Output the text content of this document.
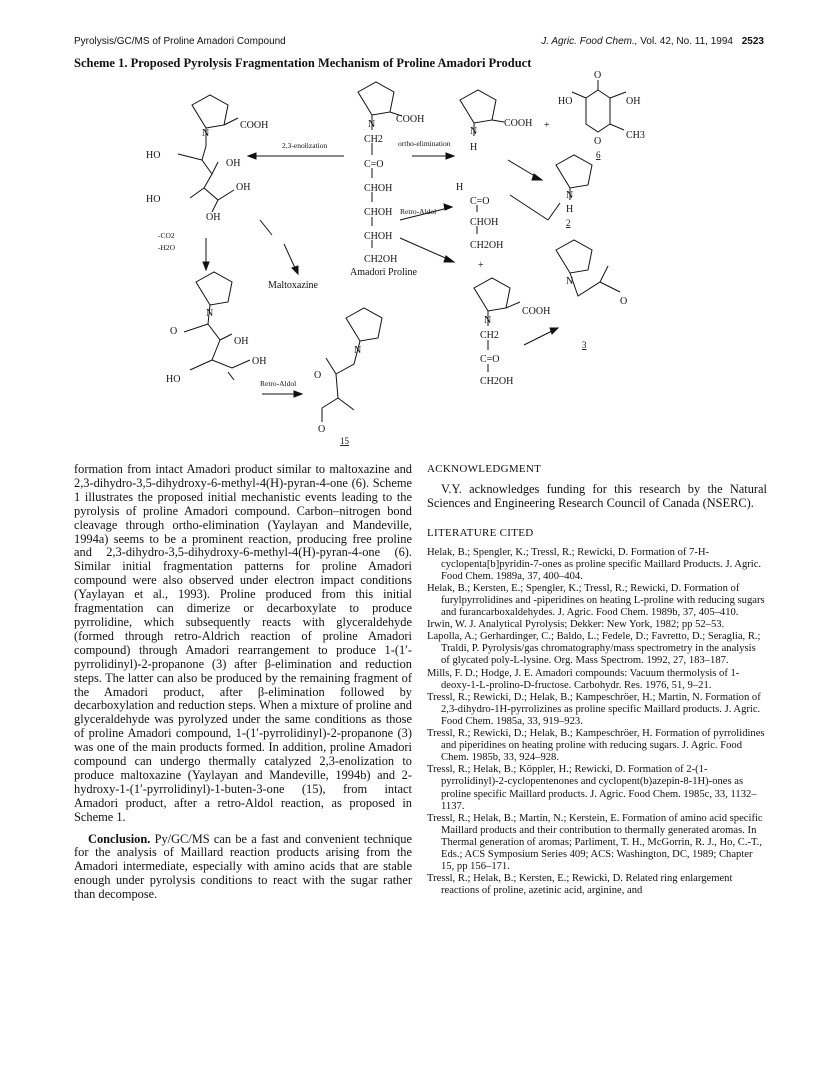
Pyrolysis/GC/MS of Proline Amadori Compound	J. Agric. Food Chem., Vol. 42, No. 11, 1994 2523
Scheme 1. Proposed Pyrolysis Fragmentation Mechanism of Proline Amadori Product
COOH
N
HO
OH
OH
HO
OH
2,3-enolization	ortho-elimination
COOH
N
CH2
C=O
CHOH
CHOH
CHOH
CH2OH
Amadori Proline
Retro-Aldol
COOH
N
H
+
O
HO	OH
O
CH3
6
N
H
2
H
C=O
CHOH
CH2OH
+
N
O
3
COOH
N
CH2
C=O
CH2OH
-CO2
-H2O
Maltoxazine
N
O
OH
OH
HO	Retro-Aldol
N
O
O
15

formation from intact Amadori product similar to maltoxazine and 2,3-dihydro-3,5-dihydroxy-6-methyl-4(H)-pyran-4-one (6). Scheme 1 illustrates the proposed initial mechanistic events leading to the pyrolysis of proline Amadori compound. Carbon–nitrogen bond cleavage through ortho-elimination (Yaylayan and Mandeville, 1994a) seems to be a prominent reaction, producing free proline and 2,3-dihydro-3,5-dihydroxy-6-methyl-4(H)-pyran-4-one (6). Similar initial fragmentation patterns for proline Amadori compound were also observed under electron impact conditions (Yaylayan et al., 1993). Proline produced from this initial fragmentation can dimerize or decarboxylate to produce pyrrolidine, which subsequently reacts with glyceraldehyde (formed through retro-Aldrich reaction of proline Amadori compound) through Amadori rearrangement to produce 1-(1′-pyrrolidinyl)-2-propanone (3) after β-elimination and reduction steps. The latter can also be produced by the remaining fragment of the Amadori product, after β-elimination followed by decarboxylation and reduction steps. When a mixture of proline and glyceraldehyde was pyrolyzed under the same conditions as those of proline Amadori compound, 1-(1′-pyrrolidinyl)-2-propanone (3) was one of the main products formed. In addition, proline Amadori compound can undergo thermally catalyzed 2,3-enolization to produce maltoxazine (Yaylayan and Mandeville, 1994b) and 2-hydroxy-1-(1′-pyrrolidinyl)-1-buten-3-one (15), from intact Amadori product, after a retro-Aldol reaction, as proposed in Scheme 1.

Conclusion. Py/GC/MS can be a fast and convenient technique for the analysis of Maillard reaction products arising from the Amadori intermediate, especially with amino acids that are stable enough under pyrolysis conditions to react with the sugar rather than decompose.

ACKNOWLEDGMENT

V.Y. acknowledges funding for this research by the Natural Sciences and Engineering Research Council of Canada (NSERC).

LITERATURE CITED

Helak, B.; Spengler, K.; Tressl, R.; Rewicki, D. Formation of 7-H-cyclopenta[b]pyridin-7-ones as proline specific Maillard Products. J. Agric. Food Chem. 1989a, 37, 400–404.

Helak, B.; Kersten, E.; Spengler, K.; Tressl, R.; Rewicki, D. Formation of furylpyrrolidines and -piperidines on heating L-proline with reducing sugars and furancarboxaldehydes. J. Agric. Food Chem. 1989b, 37, 405–410.

Irwin, W. J. Analytical Pyrolysis; Dekker: New York, 1982; pp 52–53.

Lapolla, A.; Gerhardinger, C.; Baldo, L.; Fedele, D.; Favretto, D.; Seraglia, R.; Traldi, P. Pyrolysis/gas chromatography/mass spectrometry in the analysis of glycated poly-L-lysine. Org. Mass Spectrom. 1992, 27, 183–187.

Mills, F. D.; Hodge, J. E. Amadori compounds: Vacuum thermolysis of 1-deoxy-1-L-prolino-D-fructose. Carbohydr. Res. 1976, 51, 9–21.

Tressl, R.; Rewicki, D.; Helak, B.; Kampeschröer, H.; Martin, N. Formation of 2,3-dihydro-1H-pyrrolizines as proline specific Maillard products. J. Agric. Food Chem. 1985a, 33, 919–923.

Tressl, R.; Rewicki, D.; Helak, B.; Kampeschröer, H. Formation of pyrrolidines and piperidines on heating proline with reducing sugars. J. Agric. Food Chem. 1985b, 33, 924–928.

Tressl, R.; Helak, B.; Köppler, H.; Rewicki, D. Formation of 2-(1-pyrrolidinyl)-2-cyclopentenones and cyclopent(b)azepin-8-1H)-ones as proline specific Maillard products. J. Agric. Food Chem. 1985c, 33, 1132–1137.

Tressl, R.; Helak, B.; Martin, N.; Kerstein, E. Formation of amino acid specific Maillard products and their contribution to thermally generated aromas. In Thermal generation of aromas; Parliment, T. H., McGorrin, R. J., Ho, C.-T., Eds.; ACS Symposium Series 409; ACS: Washington, DC, 1989; Chapter 15, pp 156–171.

Tressl, R.; Helak, B.; Kersten, E.; Rewicki, D. Related ring enlargement reactions of proline, azetinic acid, arginine, and
